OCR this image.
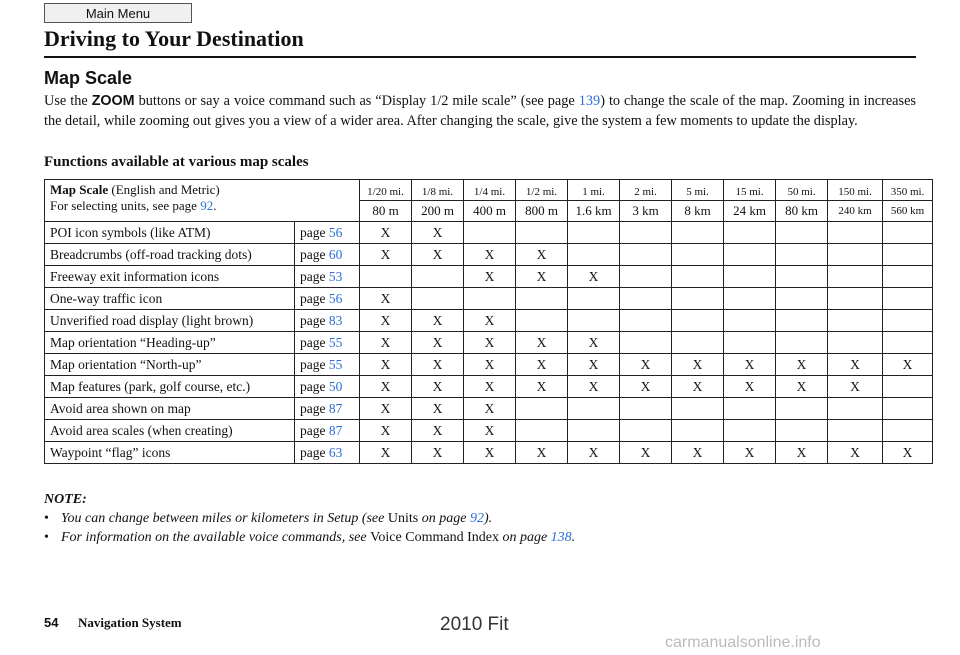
Main Menu
Driving to Your Destination
Map Scale

Use the ZOOM buttons or say a voice command such as “Display 1/2 mile scale” (see page 139) to change the scale of the map. Zooming in increases the detail, while zooming out gives you a view of a wider area. After changing the scale, give the system a few moments to update the display.

Functions available at various map scales
Map Scale (English and Metric)
For selecting units, see page 92.		1/20 mi.	1/8 mi.	1/4 mi.	1/2 mi.	1 mi.	2 mi.	5 mi.	15 mi.	50 mi.	150 mi.	350 mi.
		80 m	200 m	400 m	800 m	1.6 km	3 km	8 km	24 km	80 km	240 km	560 km
POI icon symbols (like ATM)	page 56	X	X									
Breadcrumbs (off-road tracking dots)	page 60	X	X	X	X							
Freeway exit information icons	page 53			X	X	X						
One-way traffic icon	page 56	X										
Unverified road display (light brown)	page 83	X	X	X								
Map orientation “Heading-up”	page 55	X	X	X	X	X						
Map orientation “North-up”	page 55	X	X	X	X	X	X	X	X	X	X	X
Map features (park, golf course, etc.)	page 50	X	X	X	X	X	X	X	X	X	X	
Avoid area shown on map	page 87	X	X	X								
Avoid area scales (when creating)	page 87	X	X	X								
Waypoint “flag” icons	page 63	X	X	X	X	X	X	X	X	X	X	X

NOTE:

• You can change between miles or kilometers in Setup (see Units on page 92).
• For information on the available voice commands, see Voice Command Index on page 138.
54 Navigation System	2010 Fit
carmanualsonline.info
